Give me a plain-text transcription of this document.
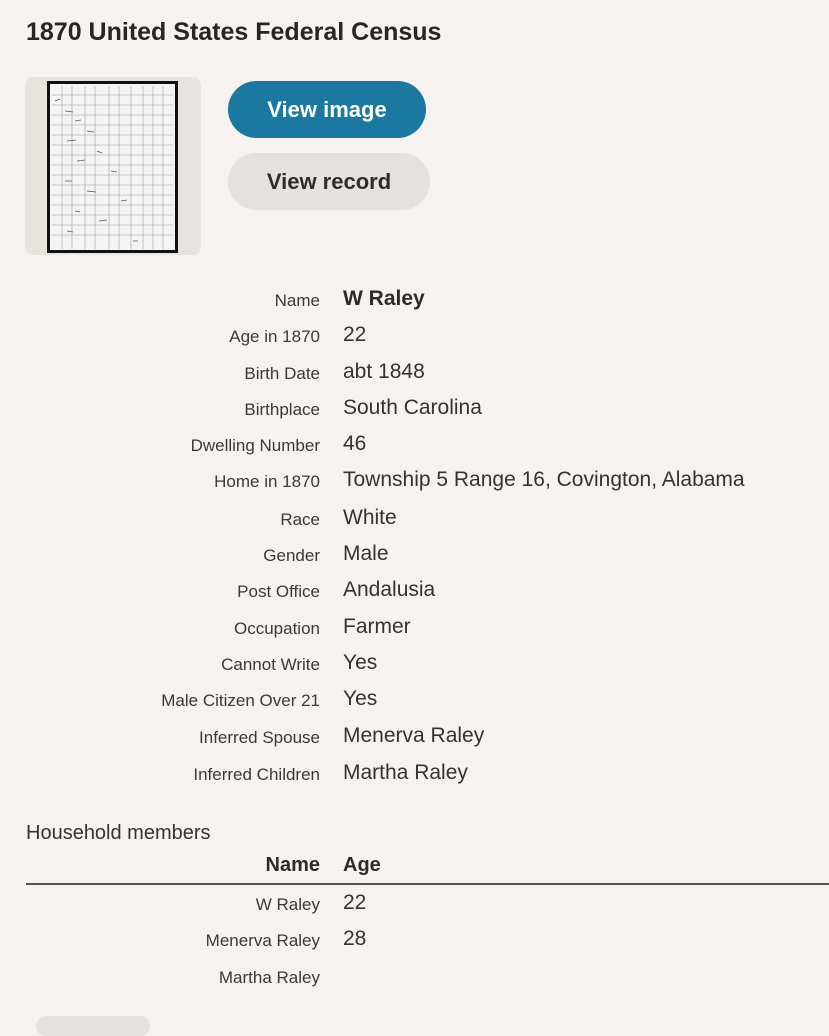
1870 United States Federal Census
View image
View record
Name W Raley
Age in 1870 22
Birth Date abt 1848
Birthplace South Carolina
Dwelling Number 46
Home in 1870 Township 5 Range 16, Covington, Alabama
Race White
Gender Male
Post Office Andalusia
Occupation Farmer
Cannot Write Yes
Male Citizen Over 21 Yes
Inferred Spouse Menerva Raley
Inferred Children Martha Raley
Household members
Name Age
W Raley 22
Menerva Raley 28
Martha Raley
